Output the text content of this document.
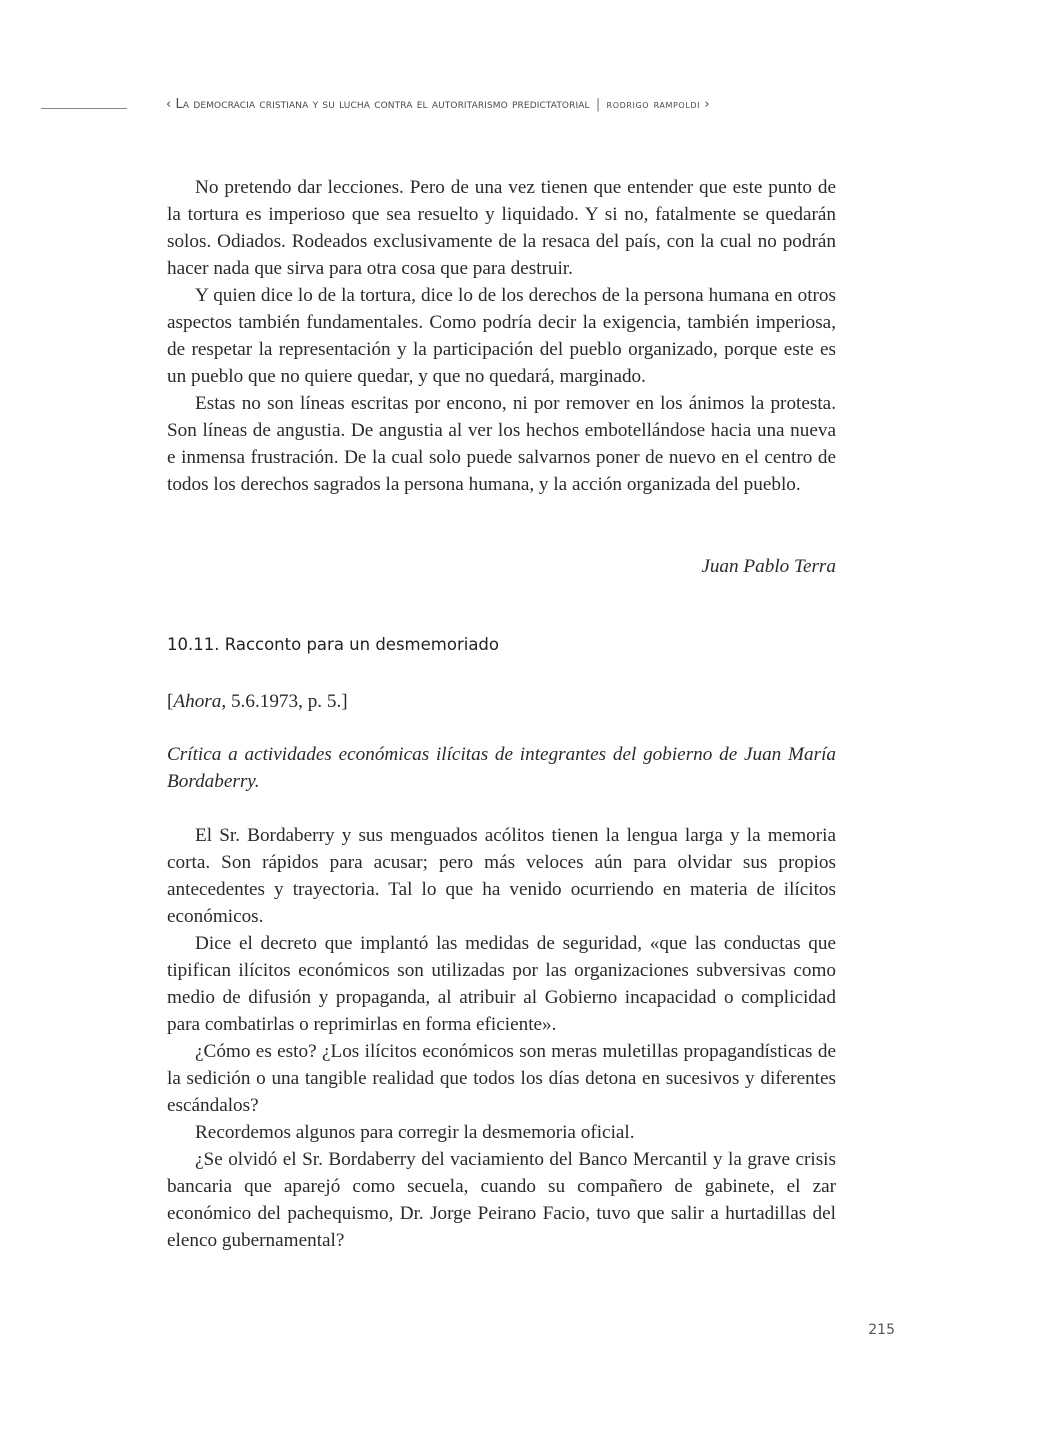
‹ La democracia cristiana y su lucha contra el autoritarismo predictatorial | rodrigo rampoldi ›

No pretendo dar lecciones. Pero de una vez tienen que entender que este punto de la tortura es imperioso que sea resuelto y liquidado. Y si no, fatalmente se quedarán solos. Odiados. Rodeados exclusivamente de la resaca del país, con la cual no podrán hacer nada que sirva para otra cosa que para destruir.

Y quien dice lo de la tortura, dice lo de los derechos de la persona humana en otros aspectos también fundamentales. Como podría decir la exigencia, también imperiosa, de respetar la representación y la participación del pueblo organizado, porque este es un pueblo que no quiere quedar, y que no quedará, marginado.

Estas no son líneas escritas por encono, ni por remover en los ánimos la protesta. Son líneas de angustia. De angustia al ver los hechos embotellándose hacia una nueva e inmensa frustración. De la cual solo puede salvarnos poner de nuevo en el centro de todos los derechos sagrados la persona humana, y la acción organizada del pueblo.

Juan Pablo Terra
10.11. Racconto para un desmemoriado
[Ahora, 5.6.1973, p. 5.]
Crítica a actividades económicas ilícitas de integrantes del gobierno de Juan María Bordaberry.

El Sr. Bordaberry y sus menguados acólitos tienen la lengua larga y la memoria corta. Son rápidos para acusar; pero más veloces aún para olvidar sus propios antecedentes y trayectoria. Tal lo que ha venido ocurriendo en materia de ilícitos económicos.

Dice el decreto que implantó las medidas de seguridad, «que las conductas que tipifican ilícitos económicos son utilizadas por las organizaciones subversivas como medio de difusión y propaganda, al atribuir al Gobierno incapacidad o complicidad para combatirlas o reprimirlas en forma eficiente».

¿Cómo es esto? ¿Los ilícitos económicos son meras muletillas propagandísticas de la sedición o una tangible realidad que todos los días detona en sucesivos y diferentes escándalos?

Recordemos algunos para corregir la desmemoria oficial.

¿Se olvidó el Sr. Bordaberry del vaciamiento del Banco Mercantil y la grave crisis bancaria que aparejó como secuela, cuando su compañero de gabinete, el zar económico del pachequismo, Dr. Jorge Peirano Facio, tuvo que salir a hurtadillas del elenco gubernamental?

215
